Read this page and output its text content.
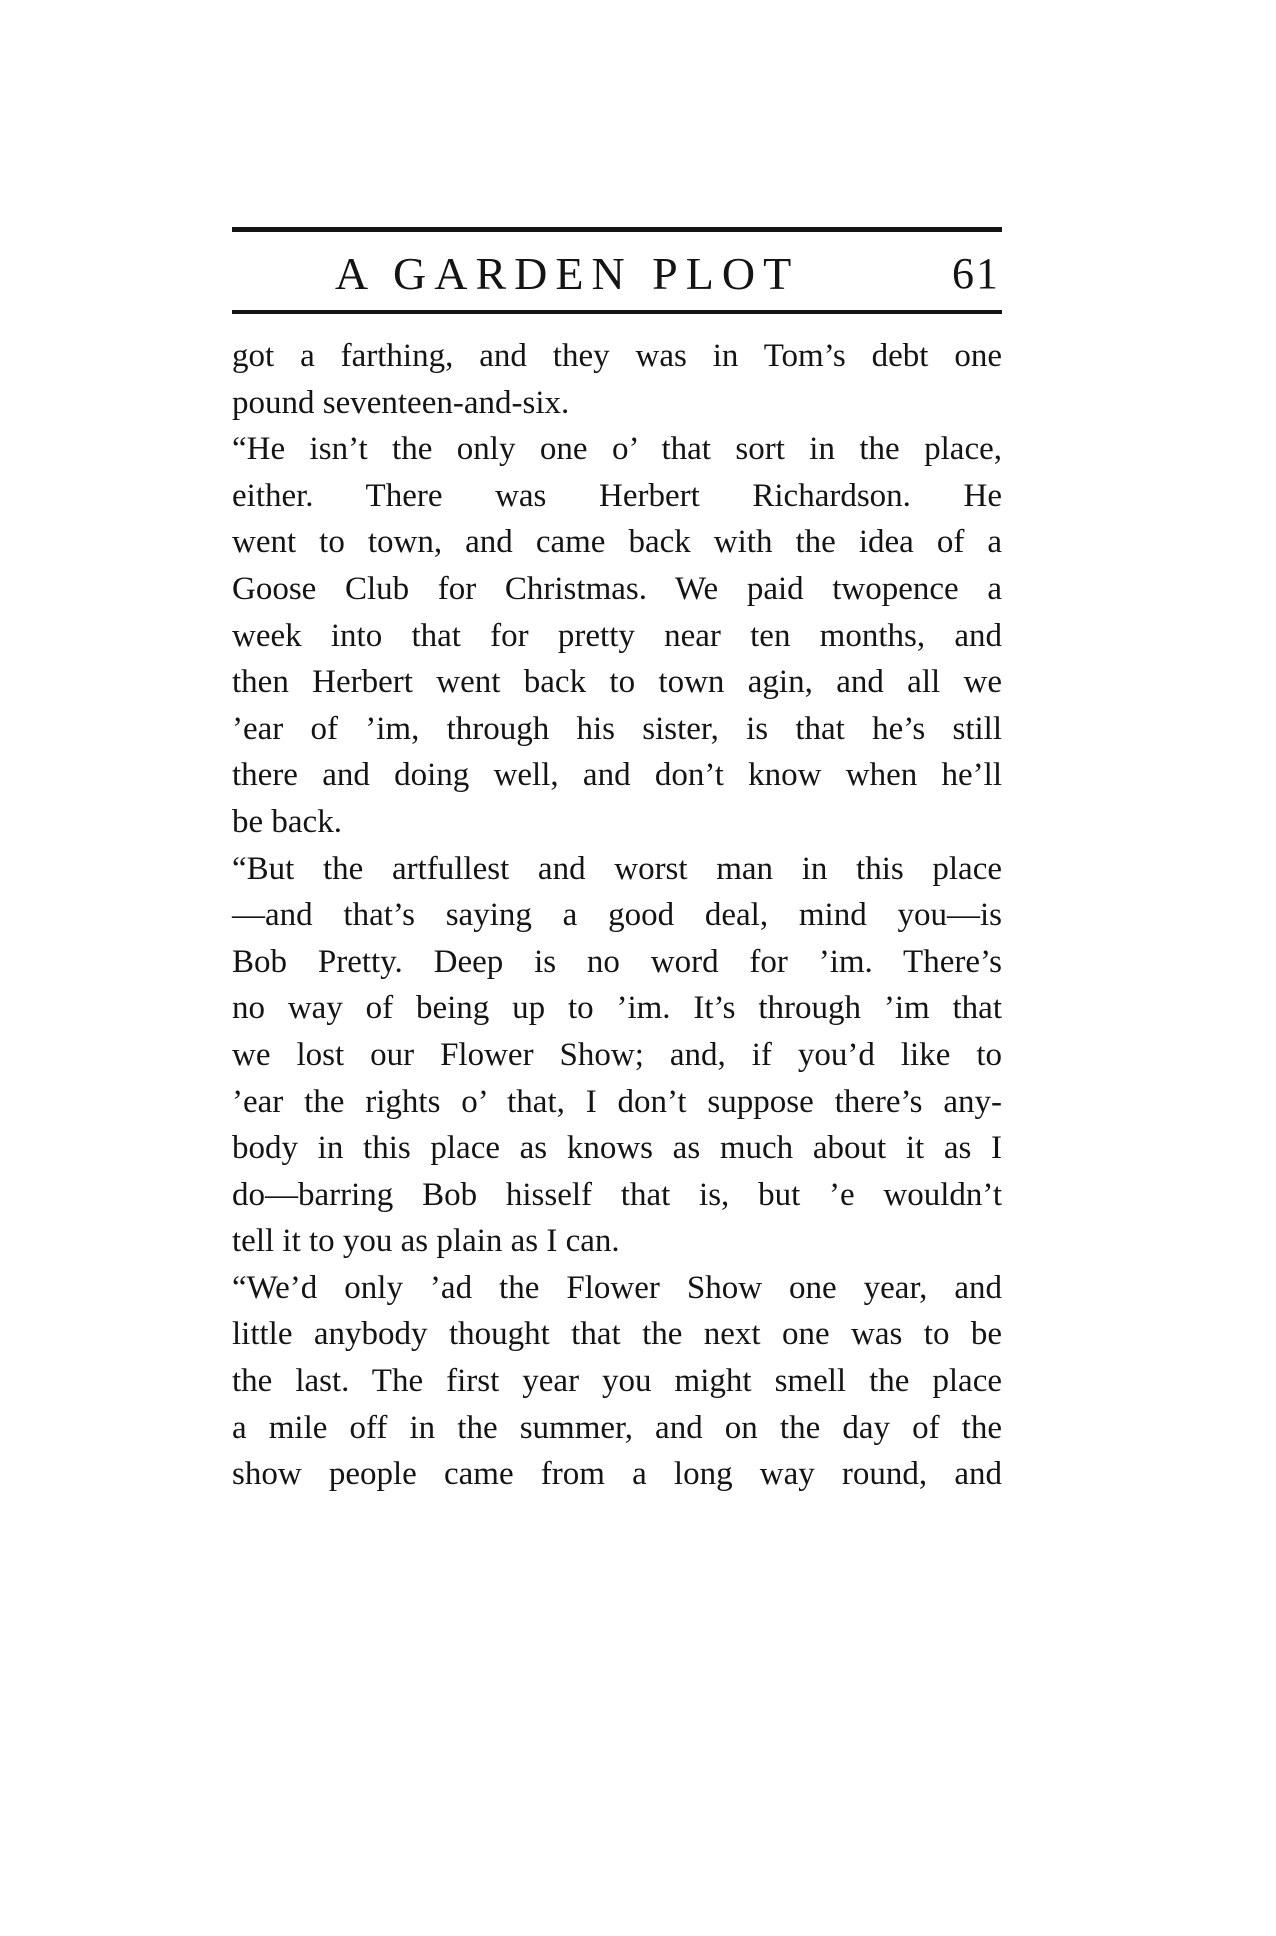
A GARDEN PLOT	61
got a farthing, and they was in Tom’s debt one
pound seventeen-and-six.
“He isn’t the only one o’ that sort in the place,
either. There was Herbert Richardson. He
went to town, and came back with the idea of a
Goose Club for Christmas. We paid twopence a
week into that for pretty near ten months, and
then Herbert went back to town agin, and all we
’ear of ’im, through his sister, is that he’s still
there and doing well, and don’t know when he’ll
be back.
“But the artfullest and worst man in this place
—and that’s saying a good deal, mind you—is
Bob Pretty. Deep is no word for ’im. There’s
no way of being up to ’im. It’s through ’im that
we lost our Flower Show; and, if you’d like to
’ear the rights o’ that, I don’t suppose there’s any-
body in this place as knows as much about it as I
do—barring Bob hisself that is, but ’e wouldn’t
tell it to you as plain as I can.
“We’d only ’ad the Flower Show one year, and
little anybody thought that the next one was to be
the last. The first year you might smell the place
a mile off in the summer, and on the day of the
show people came from a long way round, and
